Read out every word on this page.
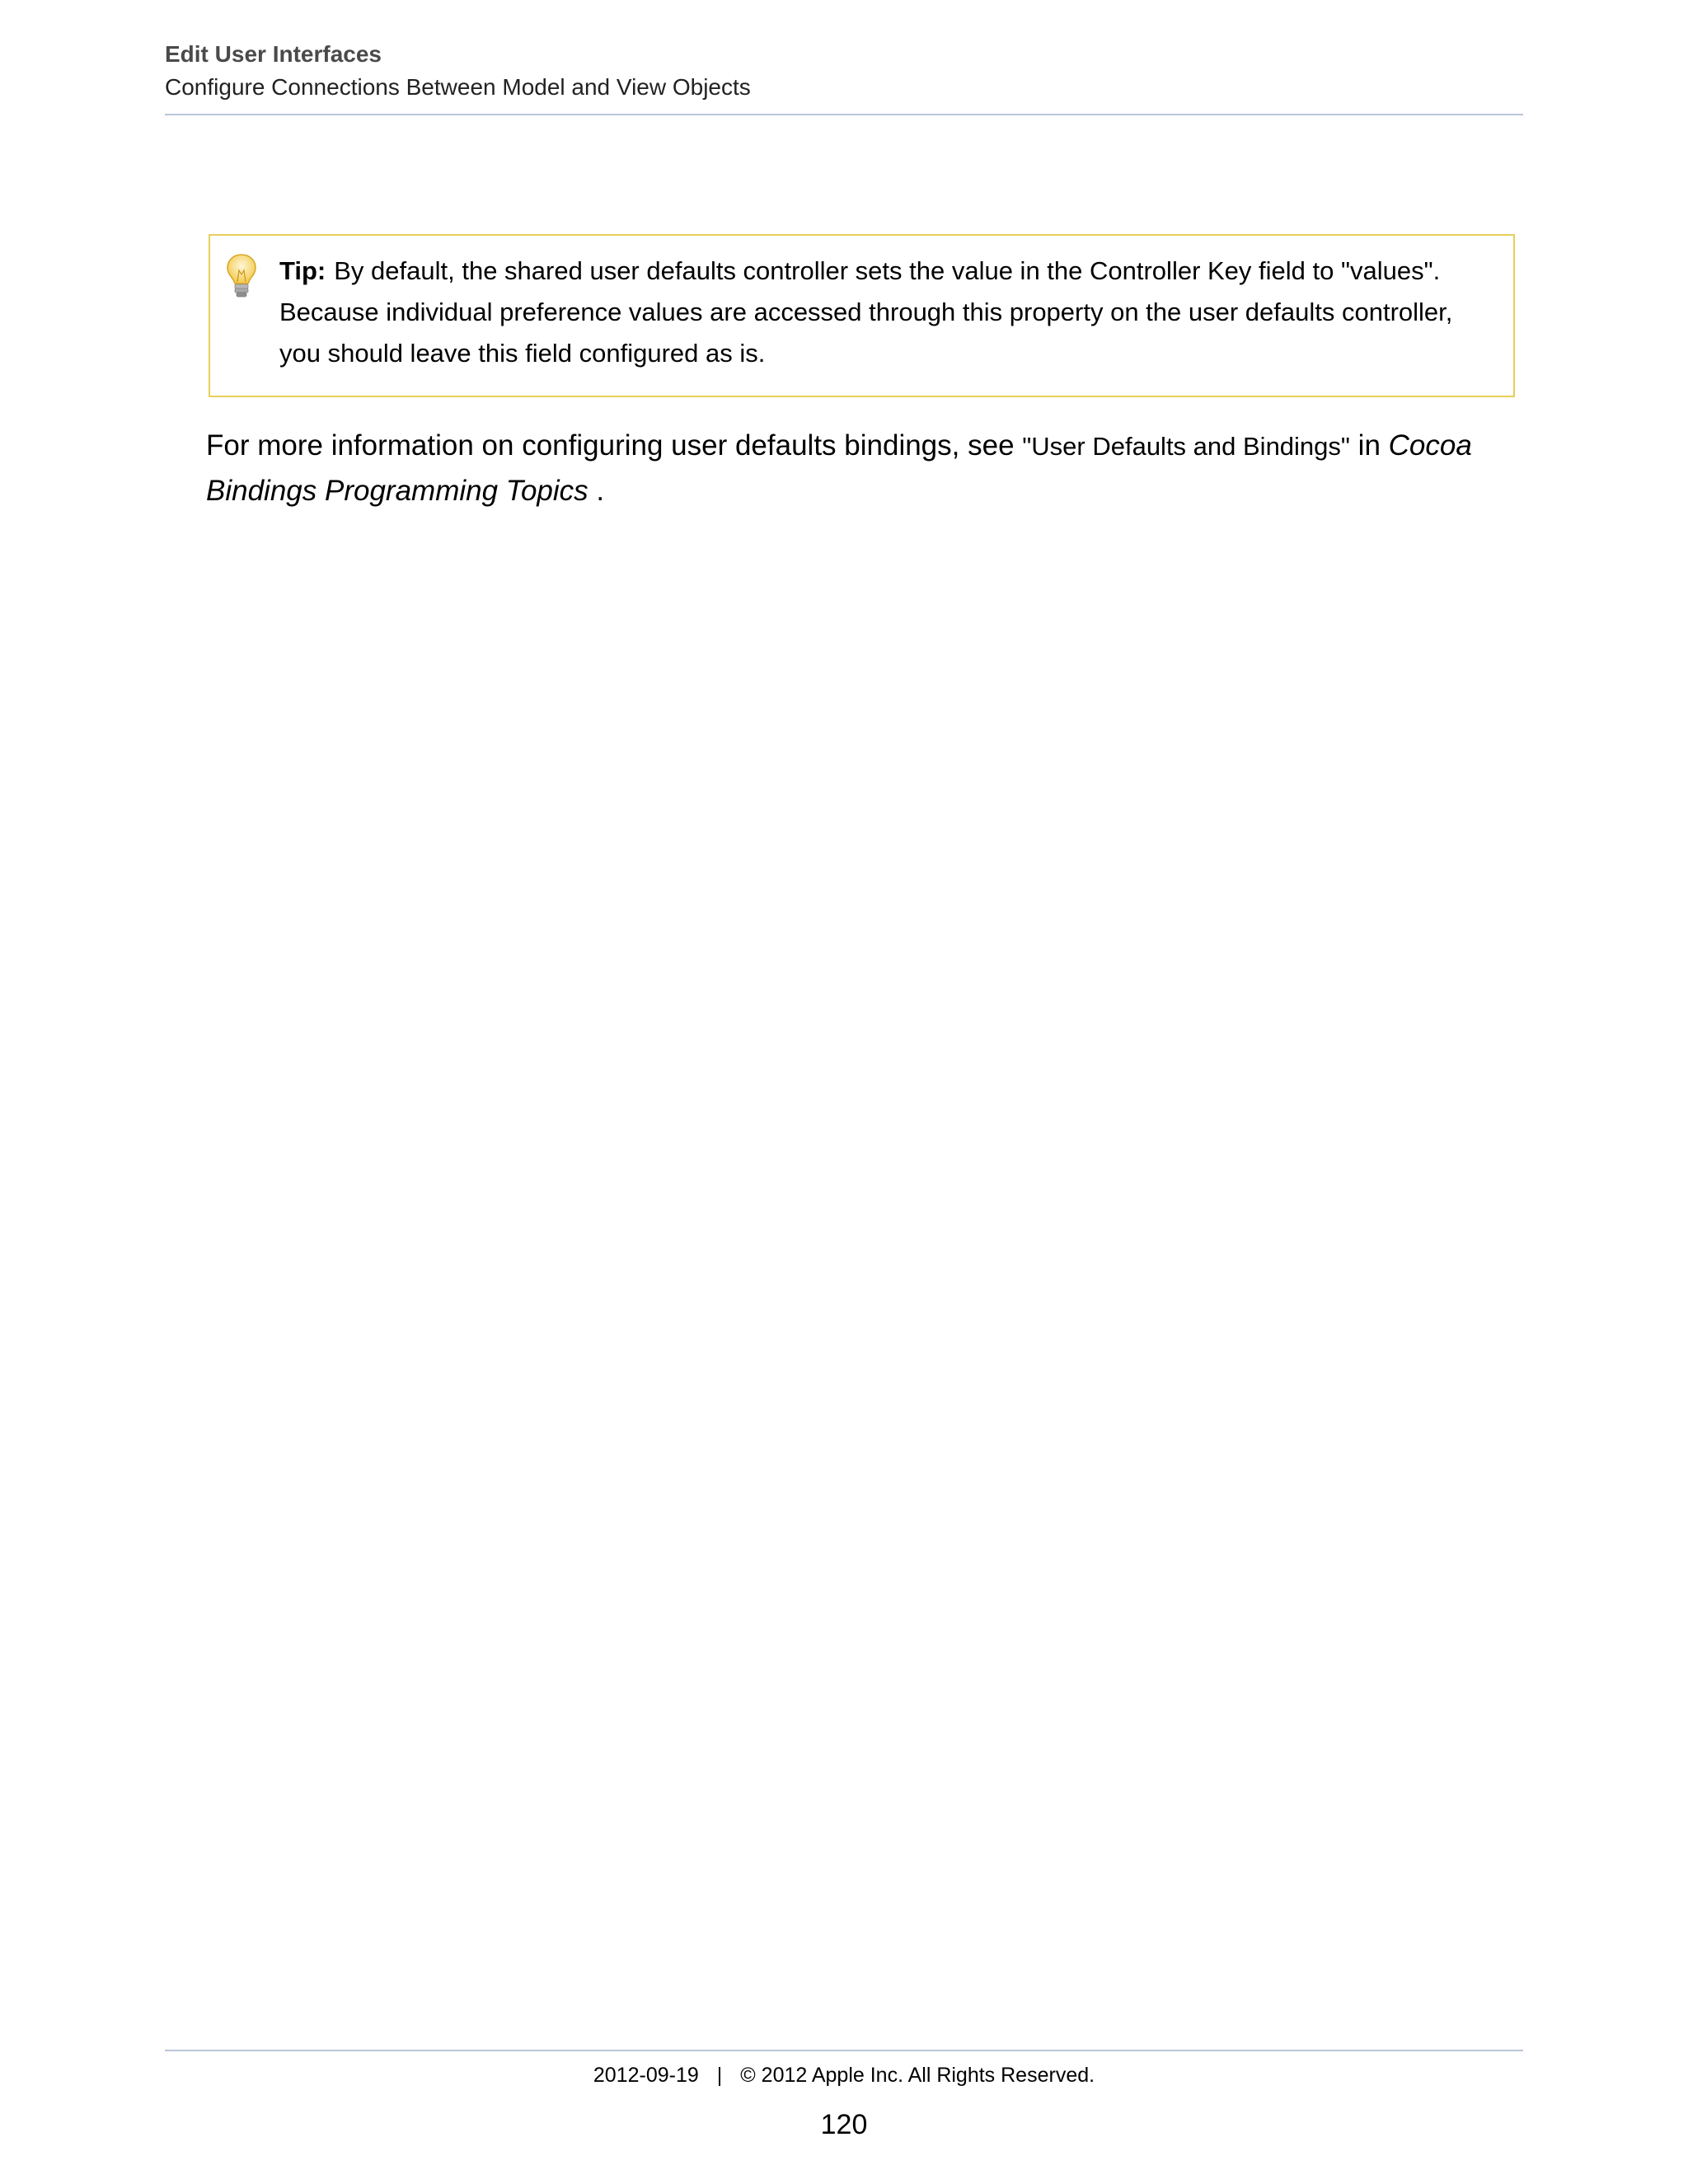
Edit User Interfaces
Configure Connections Between Model and View Objects
Tip: By default, the shared user defaults controller sets the value in the Controller Key field to "values". Because individual preference values are accessed through this property on the user defaults controller, you should leave this field configured as is.
For more information on configuring user defaults bindings, see "User Defaults and Bindings" in Cocoa Bindings Programming Topics .
2012-09-19 | © 2012 Apple Inc. All Rights Reserved.
120
